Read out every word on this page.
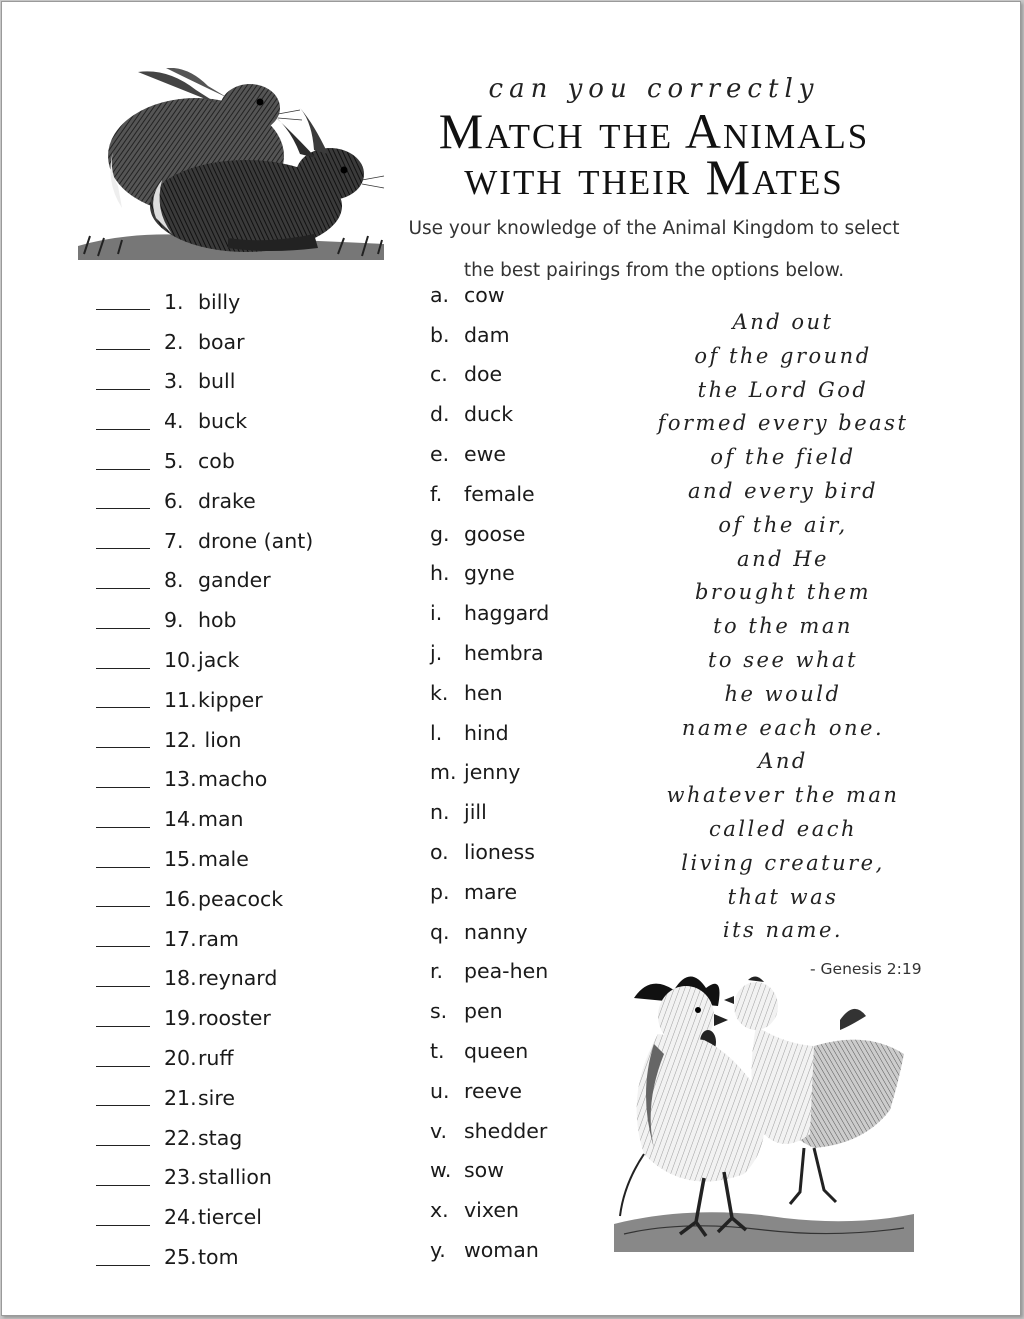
can you correctly
Match the Animals
with their Mates
Use your knowledge of the Animal Kingdom to select
the best pairings from the options below.
1. billy
2. boar
3. bull
4. buck
5. cob
6. drake
7. drone (ant)
8. gander
9. hob
10. jack
11. kipper
12. lion
13. macho
14. man
15. male
16. peacock
17. ram
18. reynard
19. rooster
20. ruff
21. sire
22. stag
23. stallion
24. tiercel
25. tom
a. cow
b. dam
c. doe
d. duck
e. ewe
f.	female
g. goose
h. gyne
i.	haggard
j.	hembra
k. hen
l.	hind
m. jenny
n. jill
o. lioness
p. mare
q. nanny
r.	pea-hen
s. pen
t. queen
u. reeve
v. shedder
w. sow
x. vixen
y. woman
And out
of the ground
the Lord God
formed every beast
of the field
and every bird
of the air,
and He
brought them
to the man
to see what
he would
name each one.
And
whatever the man
called each
living creature,
that was
its name.
- Genesis 2:19
